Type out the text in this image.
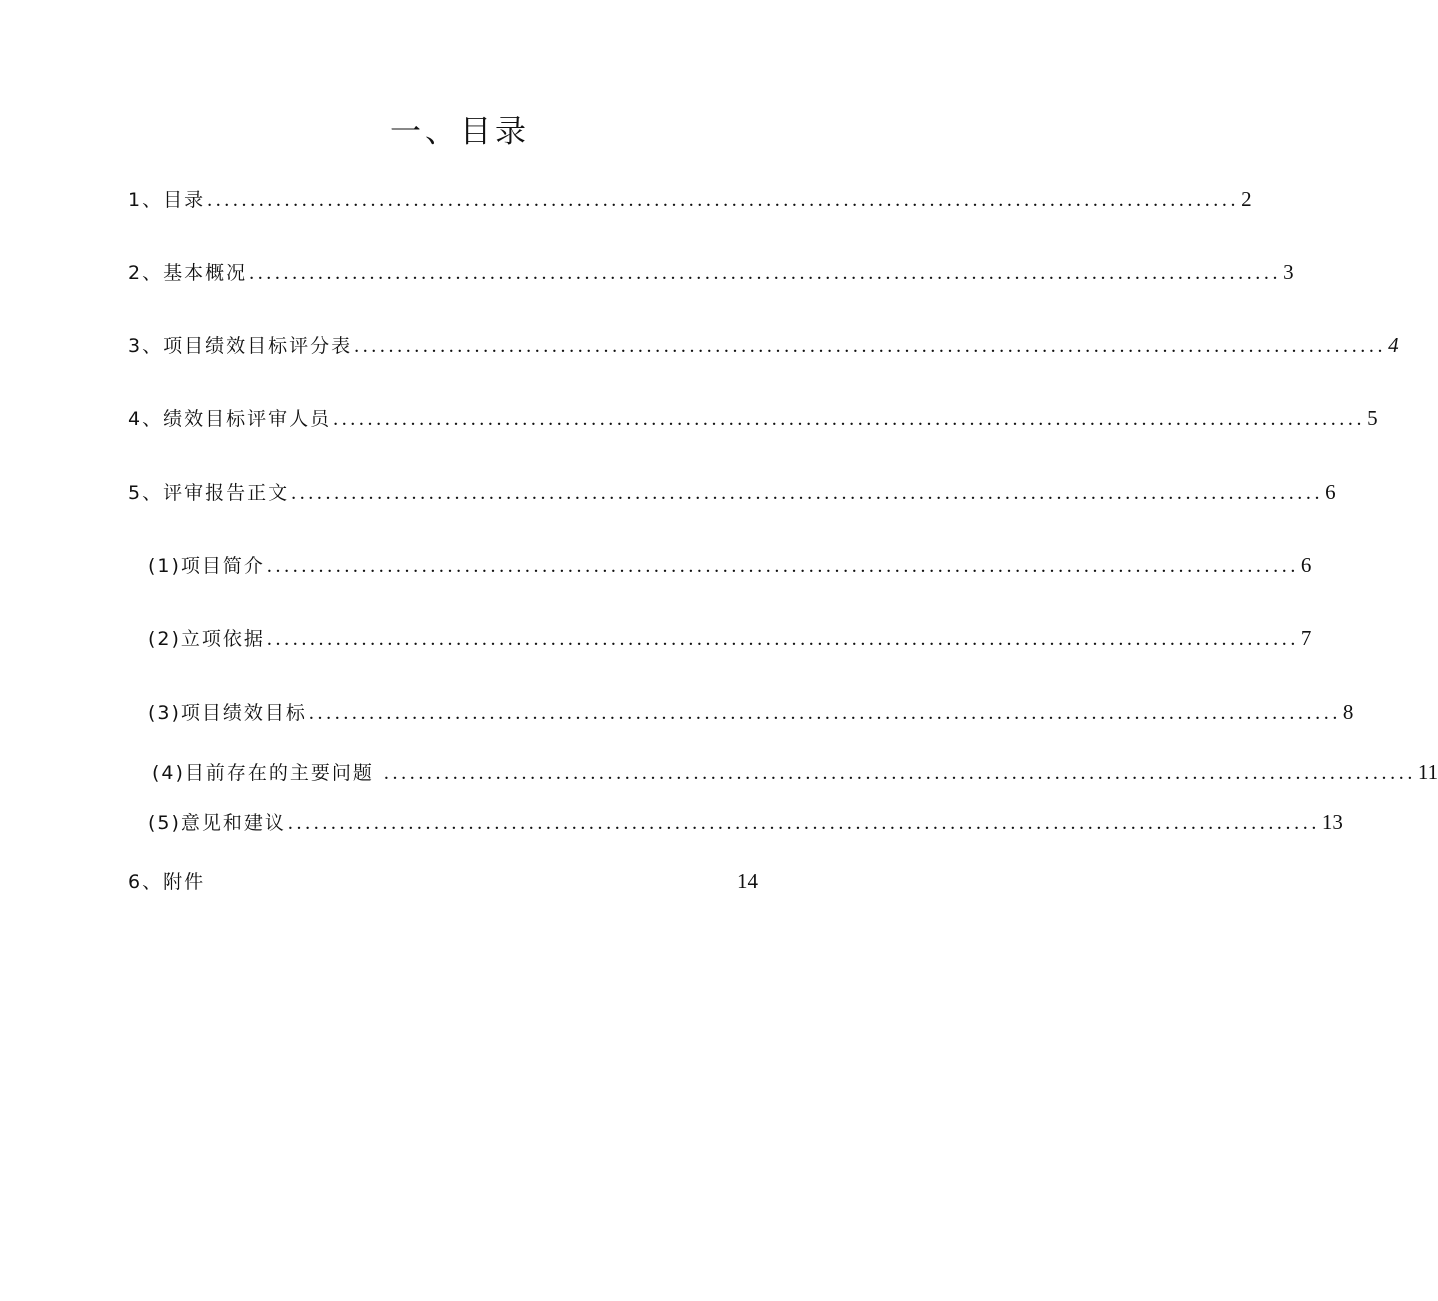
一、目录
1、目录 ........................................................................................................................ 2
2、基本概况 ........................................................................................................................ 3
3、项目绩效目标评分表 ........................................................................................................................ 4
4、绩效目标评审人员 ........................................................................................................................ 5
5、评审报告正文 ........................................................................................................................ 6
(1)项目简介 ........................................................................................................................ 6
(2)立项依据 ........................................................................................................................ 7
(3)项目绩效目标 ........................................................................................................................ 8
(4)目前存在的主要问题 ........................................................................................................................ 11
(5)意见和建议 ........................................................................................................................ 13
6、附件	14
